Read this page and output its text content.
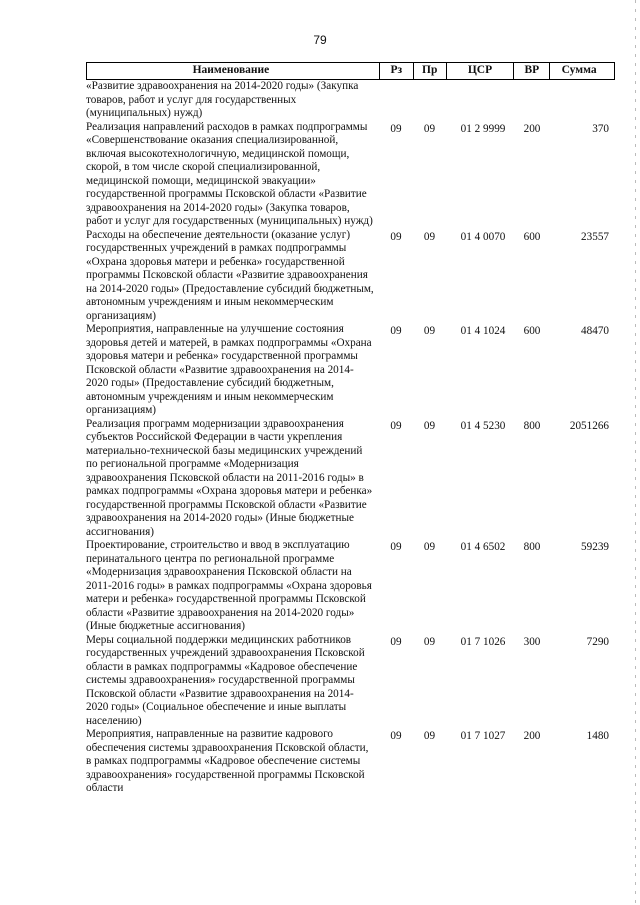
79
Наименование	Рз	Пр	ЦСР	ВР	Сумма
«Развитие здравоохранения на 2014-2020 годы» (Закупка товаров, работ и услуг для государственных (муниципальных) нужд)
Реализация направлений расходов в рамках подпрограммы «Совершенствование оказания специализированной, включая высокотехнологичную, медицинской помощи, скорой, в том числе скорой специализированной, медицинской помощи, медицинской эвакуации» государственной программы Псковской области «Развитие здравоохранения на 2014-2020 годы» (Закупка товаров, работ и услуг для государственных (муниципальных) нужд)
09	09	01 2 9999	200	370
Расходы на обеспечение деятельности (оказание услуг) государственных учреждений в рамках подпрограммы «Охрана здоровья матери и ребенка» государственной программы Псковской области «Развитие здравоохранения на 2014-2020 годы» (Предоставление субсидий бюджетным, автономным учреждениям и иным некоммерческим организациям)
09	09	01 4 0070	600	23557
Мероприятия, направленные на улучшение состояния здоровья детей и матерей, в рамках подпрограммы «Охрана здоровья матери и ребенка» государственной программы Псковской области «Развитие здравоохранения на 2014-2020 годы» (Предоставление субсидий бюджетным, автономным учреждениям и иным некоммерческим организациям)
09	09	01 4 1024	600	48470
Реализация программ модернизации здравоохранения субъектов Российской Федерации в части укрепления материально-технической базы медицинских учреждений по региональной программе «Модернизация здравоохранения Псковской области на 2011-2016 годы» в рамках подпрограммы «Охрана здоровья матери и ребенка» государственной программы Псковской области «Развитие здравоохранения на 2014-2020 годы» (Иные бюджетные ассигнования)
09	09	01 4 5230	800	2051266
Проектирование, строительство и ввод в эксплуатацию перинатального центра по региональной программе «Модернизация здравоохранения Псковской области на 2011-2016 годы» в рамках подпрограммы «Охрана здоровья матери и ребенка» государственной программы Псковской области «Развитие здравоохранения на 2014-2020 годы» (Иные бюджетные ассигнования)
09	09	01 4 6502	800	59239
Меры социальной поддержки медицинских работников государственных учреждений здравоохранения Псковской области в рамках подпрограммы «Кадровое обеспечение системы здравоохранения» государственной программы Псковской области «Развитие здравоохранения на 2014-2020 годы» (Социальное обеспечение и иные выплаты населению)
09	09	01 7 1026	300	7290
Мероприятия, направленные на развитие кадрового обеспечения системы здравоохранения Псковской области, в рамках подпрограммы «Кадровое обеспечение системы здравоохранения» государственной программы Псковской области
09	09	01 7 1027	200	1480
